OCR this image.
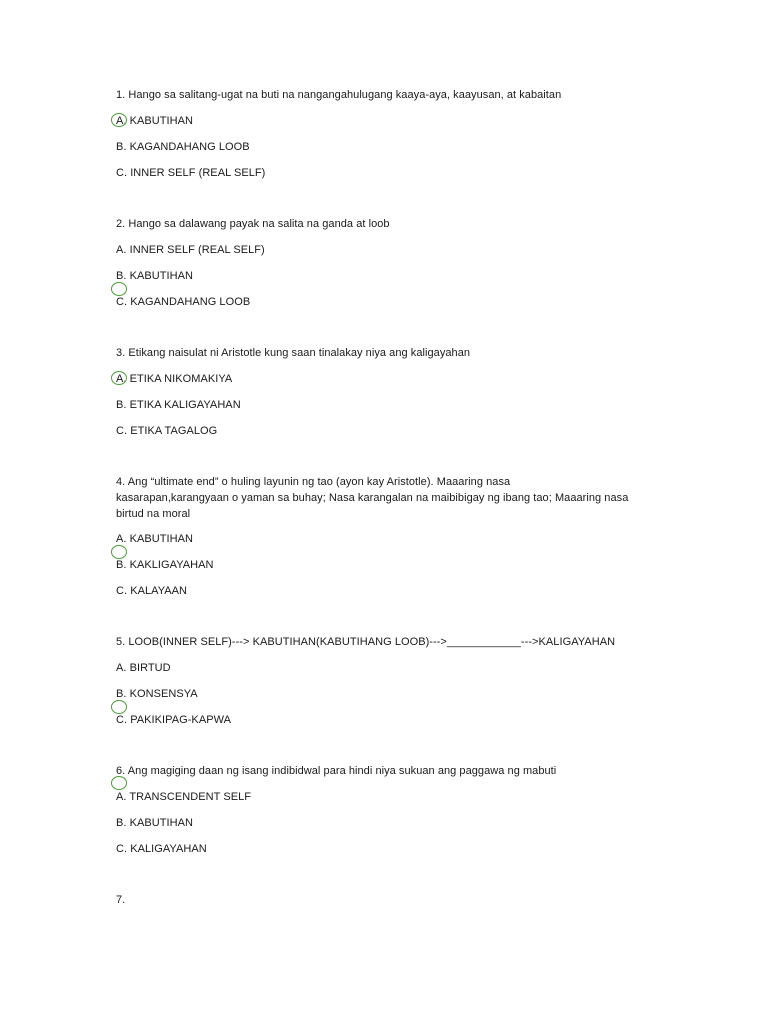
1. Hango sa salitang-ugat na buti na nangangahulugang kaaya-aya, kaayusan, at kabaitan
A. KABUTIHAN
B. KAGANDAHANG LOOB
C. INNER SELF (REAL SELF)
2. Hango sa dalawang payak na salita na ganda at loob
A. INNER SELF (REAL SELF)
B. KABUTIHAN
C. KAGANDAHANG LOOB
3. Etikang naisulat ni Aristotle kung saan tinalakay niya ang kaligayahan
A. ETIKA NIKOMAKIYA
B. ETIKA KALIGAYAHAN
C. ETIKA TAGALOG
4. Ang “ultimate end” o huling layunin ng tao (ayon kay Aristotle). Maaaring nasa
kasarapan,karangyaan o yaman sa buhay; Nasa karangalan na maibibigay ng ibang tao; Maaaring nasa
birtud na moral
A. KABUTIHAN
B. KAKLIGAYAHAN
C. KALAYAAN
5. LOOB(INNER SELF)---> KABUTIHAN(KABUTIHANG LOOB)--->____________--->KALIGAYAHAN
A. BIRTUD
B. KONSENSYA
C. PAKIKIPAG-KAPWA
6. Ang magiging daan ng isang indibidwal para hindi niya sukuan ang paggawa ng mabuti
A. TRANSCENDENT SELF
B. KABUTIHAN
C. KALIGAYAHAN
7.
